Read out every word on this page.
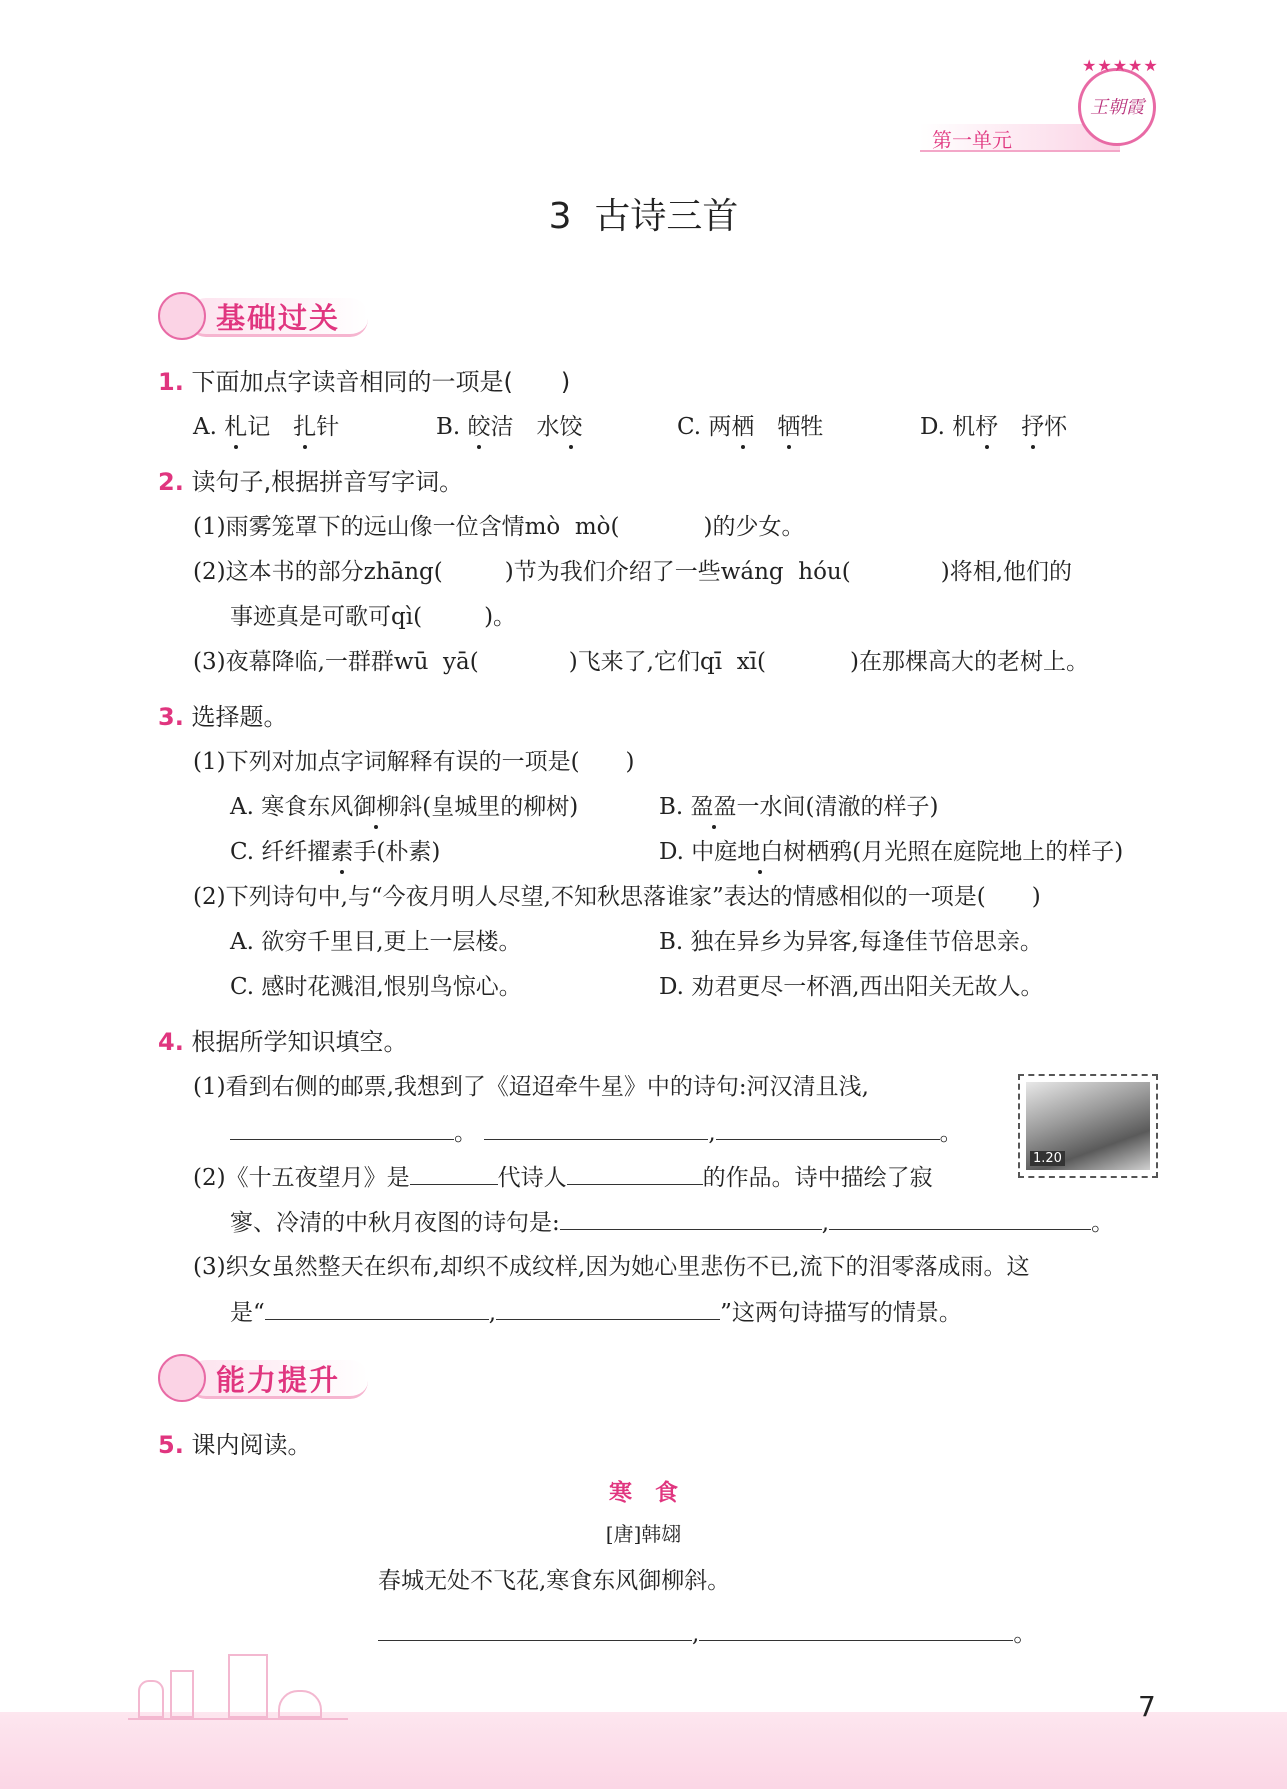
第一单元
王朝霞
★★★★★
3  古诗三首
基础过关
1. 下面加点字读音相同的一项是(　　)
A. 札记　扎针	B. 皎洁　水饺	C. 两栖　 牺牲	D. 机杼　 抒怀
2. 读句子,根据拼音写字词。
(1)雨雾笼罩下的远山像一位含情mò  mò(	)的少女。
(2)这本书的部分zhāng(	)节为我们介绍了一些wáng  hóu(	)将相,他们的
事迹真是可歌可qì(	)。
(3)夜幕降临,一群群wū  yā(	)飞来了,它们qī  xī(	)在那棵高大的老树上。
3. 选择题。
(1)下列对加点字词解释有误的一项是(　　)
A. 寒食东风御柳斜(皇城里的柳树)	B. 盈盈一水间(清澈的样子)
C. 纤纤擢素手(朴素)	D. 中庭地白树栖鸦(月光照在庭院地上的样子)
(2)下列诗句中,与“今夜月明人尽望,不知秋思落谁家”表达的情感相似的一项是(　　)
A. 欲穷千里目,更上一层楼。	B. 独在异乡为异客,每逢佳节倍思亲。
C. 感时花溅泪,恨别鸟惊心。	D. 劝君更尽一杯酒,西出阳关无故人。
4. 根据所学知识填空。
(1)看到右侧的邮票,我想到了《迢迢牵牛星》中的诗句:河汉清且浅,
。	,	。
(2)《十五夜望月》是	代诗人	的作品。诗中描绘了寂
寥、冷清的中秋月夜图的诗句是:	,	。
(3)织女虽然整天在织布,却织不成纹样,因为她心里悲伤不已,流下的泪零落成雨。这
是“	,	”这两句诗描写的情景。
1.20
能力提升
5. 课内阅读。
寒　食
[唐]韩翃
春城无处不飞花,寒食东风御柳斜。
,	。
7
